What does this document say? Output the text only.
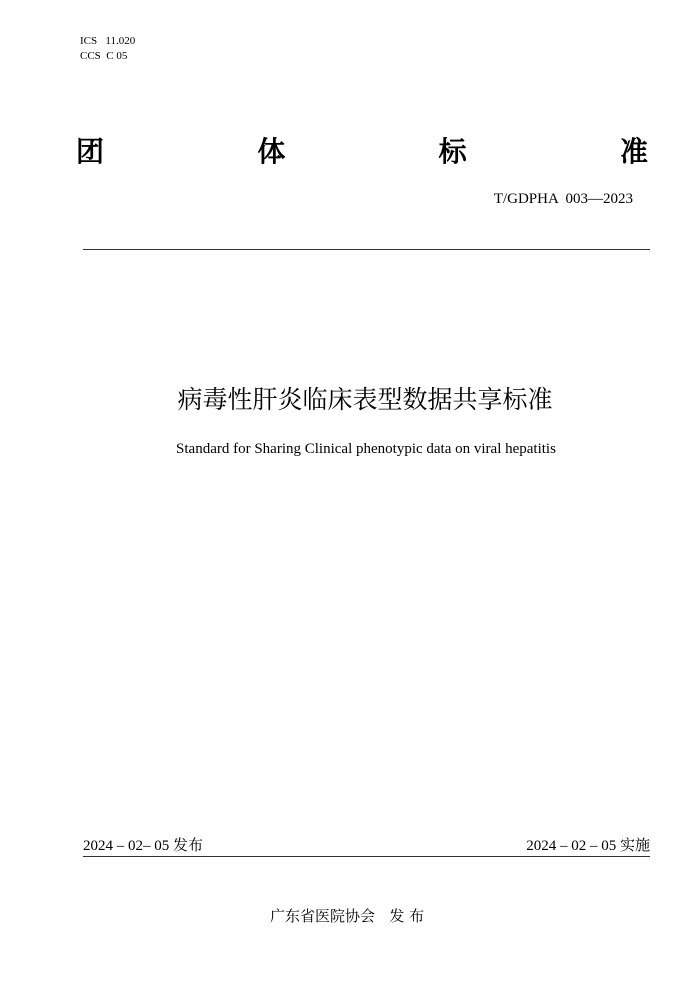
ICS   11.020
CCS  C 05
团	体	标	准
T/GDPHA  003—2023
病毒性肝炎临床表型数据共享标准
Standard for Sharing Clinical phenotypic data on viral hepatitis
2024 – 02– 05 发布	2024 – 02 – 05 实施
广东省医院协会 发 布
